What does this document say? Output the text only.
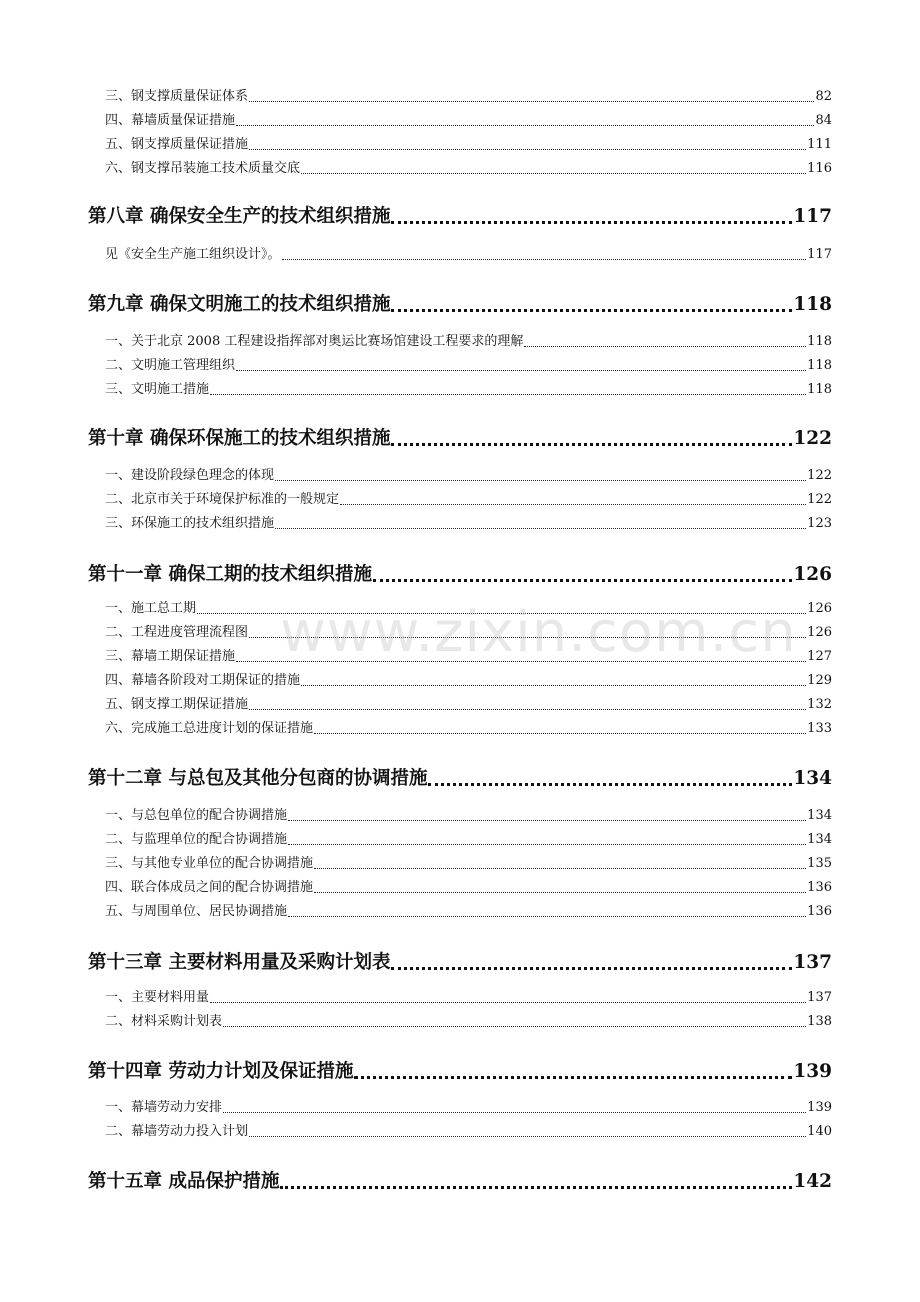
三、钢支撑质量保证体系	82
四、幕墙质量保证措施	84
五、钢支撑质量保证措施	111
六、钢支撑吊装施工技术质量交底	116
第八章 确保安全生产的技术组织措施	117
见《安全生产施工组织设计》。	117
第九章 确保文明施工的技术组织措施	118
一、关于北京 2008 工程建设指挥部对奥运比赛场馆建设工程要求的理解	118
二、文明施工管理组织	118
三、文明施工措施	118
第十章 确保环保施工的技术组织措施	122
一、建设阶段绿色理念的体现	122
二、北京市关于环境保护标准的一般规定	122
三、环保施工的技术组织措施	123
第十一章 确保工期的技术组织措施	126
一、施工总工期	126
二、工程进度管理流程图	126
三、幕墙工期保证措施	127
四、幕墙各阶段对工期保证的措施	129
五、钢支撑工期保证措施	132
六、完成施工总进度计划的保证措施	133
第十二章 与总包及其他分包商的协调措施	134
一、与总包单位的配合协调措施	134
二、与监理单位的配合协调措施	134
三、与其他专业单位的配合协调措施	135
四、联合体成员之间的配合协调措施	136
五、与周围单位、居民协调措施	136
第十三章 主要材料用量及采购计划表	137
一、主要材料用量	137
二、材料采购计划表	138
第十四章 劳动力计划及保证措施	139
一、幕墙劳动力安排	139
二、幕墙劳动力投入计划	140
第十五章 成品保护措施	142
www.zixin.com.cn
